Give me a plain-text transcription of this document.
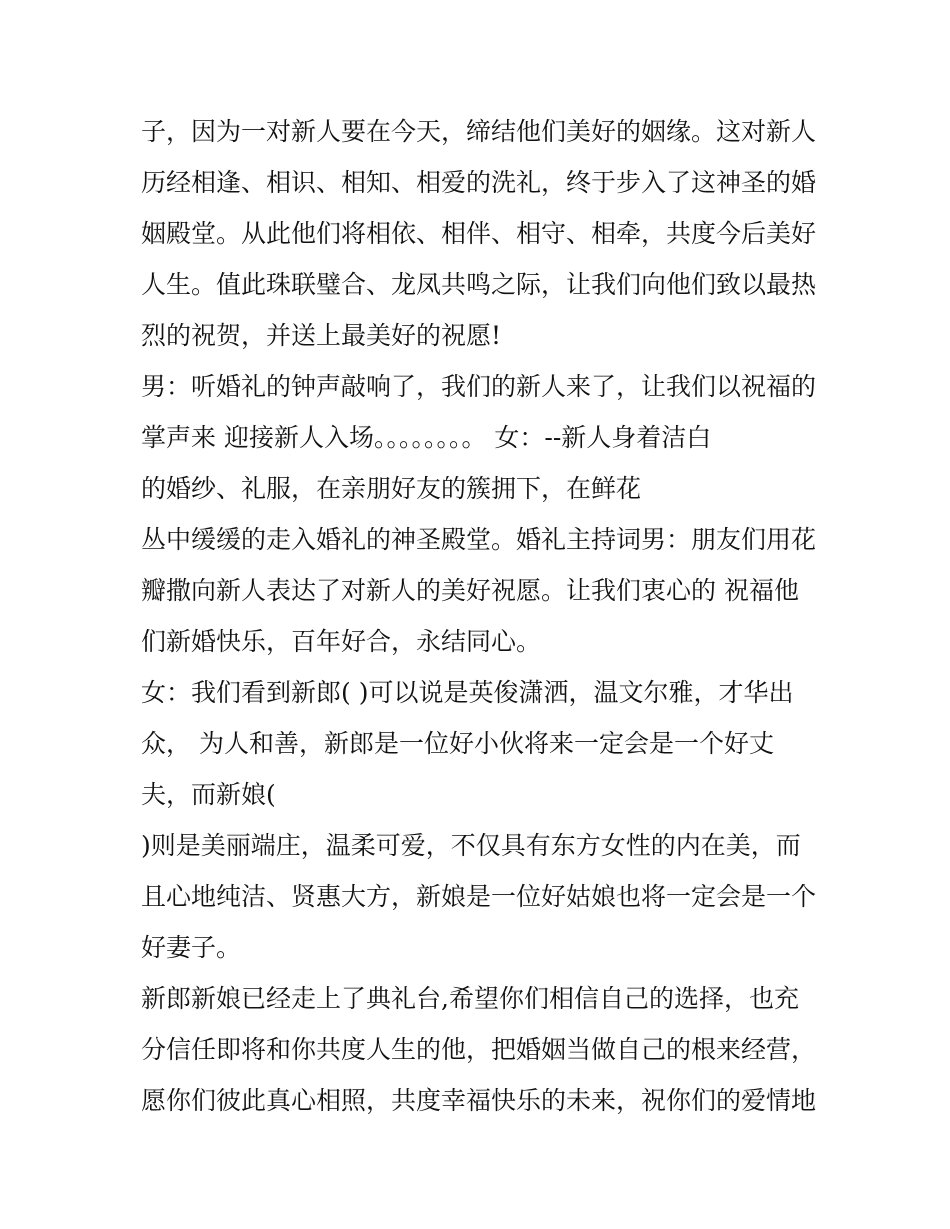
子，因为一对新人要在今天，缔结他们美好的姻缘。这对新人
历经相逢、相识、相知、相爱的洗礼，终于步入了这神圣的婚
姻殿堂。从此他们将相依、相伴、相守、相牵，共度今后美好
人生。值此珠联璧合、龙凤共鸣之际，让我们向他们致以最热
烈的祝贺，并送上最美好的祝愿!
男：听婚礼的钟声敲响了，我们的新人来了，让我们以祝福的
掌声来 迎接新人入场。。。。。。。。 女：--新人身着洁白
的婚纱、礼服，在亲朋好友的簇拥下，在鲜花
丛中缓缓的走入婚礼的神圣殿堂。婚礼主持词男：朋友们用花
瓣撒向新人表达了对新人的美好祝愿。让我们衷心的 祝福他
们新婚快乐，百年好合，永结同心。
女：我们看到新郎( )可以说是英俊潇洒，温文尔雅，才华出
众， 为人和善，新郎是一位好小伙将来一定会是一个好丈
夫，而新娘(
)则是美丽端庄，温柔可爱，不仅具有东方女性的内在美，而
且心地纯洁、贤惠大方，新娘是一位好姑娘也将一定会是一个
好妻子。
新郎新娘已经走上了典礼台,希望你们相信自己的选择，也充
分信任即将和你共度人生的他，把婚姻当做自己的根来经营，
愿你们彼此真心相照，共度幸福快乐的未来，祝你们的爱情地
